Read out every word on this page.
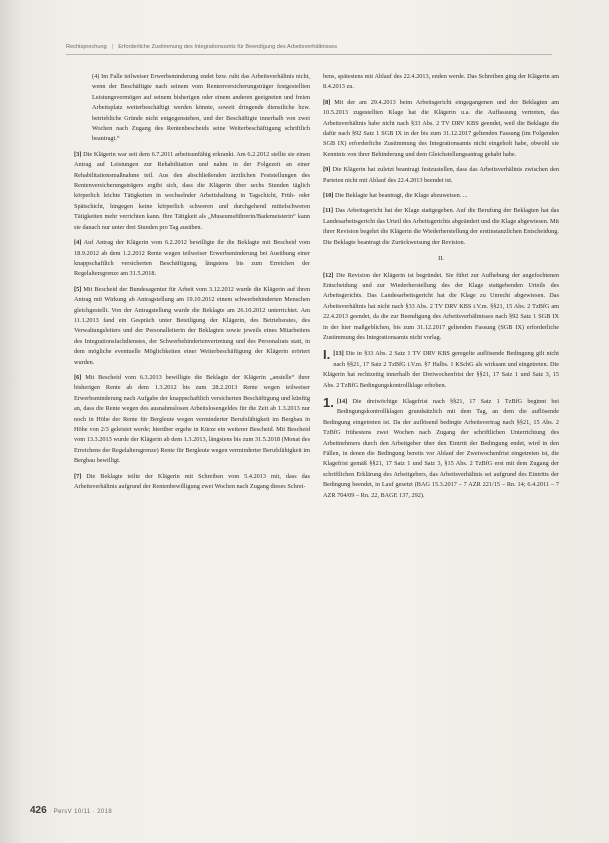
Rechtsprechung | Erforderliche Zustimmung des Integrationsamts für Beendigung des Arbeitsverhältnisses

(4) Im Falle teilweiser Erwerbsminderung endet bzw. ruht das Arbeitsverhältnis nicht, wenn der Beschäftigte nach seinem vom Rentenversicherungsträger festgestellten Leistungsvermögen auf seinem bisherigen oder einem anderen geeigneten und freien Arbeitsplatz weiterbeschäftigt werden könnte, soweit dringende dienstliche bzw. betriebliche Gründe nicht entgegenstehen, und der Beschäftigte innerhalb von zwei Wochen nach Zugang des Rentenbescheids seine Weiterbeschäftigung schriftlich beantragt.“

[3] Die Klägerin war seit dem 6.7.2011 arbeitsunfähig erkrankt. Am 6.2.2012 stellte sie einen Antrag auf Leistungen zur Rehabilitation und nahm in der Folgezeit an einer Rehabilitationsmaßnahme teil. Aus den abschließenden ärztlichen Feststellungen des Rentenversicherungsträgers ergibt sich, dass die Klägerin über sechs Stunden täglich körperlich leichte Tätigkeiten in wechselnder Arbeitshaltung in Tagschicht, Früh- oder Spätschicht, hingegen keine körperlich schweren und durchgehend mittelschweren Tätigkeiten mehr verrichten kann. Ihre Tätigkeit als „Museumsführerin/Bademeisterin“ kann sie danach nur unter drei Stunden pro Tag ausüben.

[4] Auf Antrag der Klägerin vom 6.2.2012 bewilligte ihr die Beklagte mit Bescheid vom 18.9.2012 ab dem 1.2.2012 Rente wegen teilweiser Erwerbsminderung bei Ausübung einer knappschaftlich versicherten Beschäftigung, längstens bis zum Erreichen der Regelaltersgrenze am 31.5.2018.

[5] Mit Bescheid der Bundesagentur für Arbeit vom 3.12.2012 wurde die Klägerin auf ihren Antrag mit Wirkung ab Antragstellung am 19.10.2012 einem schwerbehinderten Menschen gleichgestellt. Von der Antragstellung wurde die Beklagte am 26.10.2012 unterrichtet. Am 11.1.2013 fand ein Gespräch unter Beteiligung der Klägerin, des Betriebsrates, des Verwaltungsleiters und der Personalleiterin der Beklagten sowie jeweils eines Mitarbeiters des Integrationsfachdienstes, der Schwerbehindertenvertretung und des Personalrats statt, in dem mögliche eventuelle Möglichkeiten einer Weiterbeschäftigung der Klägerin erörtert wurden.

[6] Mit Bescheid vom 6.3.2013 bewilligte die Beklagte der Klägerin „anstelle“ ihrer bisherigen Rente ab dem 1.3.2012 bis zum 28.2.2013 Rente wegen teilweiser Erwerbsminderung nach Aufgabe der knappschaftlich versicherten Beschäftigung und künftig an, dass die Rente wegen des ausnahmslosen Arbeitslosengeldes für die Zeit ab 1.3.2013 nur noch in Höhe der Rente für Bergleute wegen verminderter Berufsfähigkeit im Bergbau in Höhe von 2/3 geleistet werde; hierüber ergehe in Kürze ein weiterer Bescheid. Mit Bescheid vom 13.3.2013 wurde der Klägerin ab dem 1.3.2013, längstens bis zum 31.5.2018 (Monat des Erreichens der Regelaltersgrenze) Rente für Bergleute wegen verminderter Berufsfähigkeit im Bergbau bewilligt.

[7] Die Beklagte teilte der Klägerin mit Schreiben vom 5.4.2013 mit, dass das Arbeitsverhältnis aufgrund der Rentenbewilligung zwei Wochen nach Zugang dieses Schrei-

bens, spätestens mit Ablauf des 22.4.2013, enden werde. Das Schreiben ging der Klägerin am 8.4.2013 zu.

[8] Mit der am 29.4.2013 beim Arbeitsgericht eingegangenen und der Beklagten am 10.5.2013 zugestellten Klage hat die Klägerin u.a. die Auffassung vertreten, das Arbeitsverhältnis habe nicht nach §33 Abs. 2 TV DRV KBS geendet, weil die Beklagte die dafür nach §92 Satz 1 SGB IX in der bis zum 31.12.2017 geltenden Fassung (im Folgenden SGB IX) erforderliche Zustimmung des Integrationsamts nicht eingeholt habe, obwohl sie Kenntnis von ihrer Behinderung und dem Gleichstellungsantrag gehabt habe.

[9] Die Klägerin hat zuletzt beantragt festzustellen, dass das Arbeitsverhältnis zwischen den Parteien nicht mit Ablauf des 22.4.2013 beendet ist.

[10] Die Beklagte hat beantragt, die Klage abzuweisen. ...

[11] Das Arbeitsgericht hat der Klage stattgegeben. Auf die Berufung der Beklagten hat das Landesarbeitsgericht das Urteil des Arbeitsgerichts abgeändert und die Klage abgewiesen. Mit ihrer Revision begehrt die Klägerin die Wiederherstellung der erstinstanzlichen Entscheidung. Die Beklagte beantragt die Zurückweisung der Revision.

II.

[12] Die Revision der Klägerin ist begründet. Sie führt zur Aufhebung der angefochtenen Entscheidung und zur Wiederherstellung des der Klage stattgebenden Urteils des Arbeitsgerichts. Das Landesarbeitsgericht hat die Klage zu Unrecht abgewiesen. Das Arbeitsverhältnis hat nicht nach §33 Abs. 2 TV DRV KBS i.V.m. §§21, 15 Abs. 2 TzBfG am 22.4.2013 geendet, da die zur Beendigung des Arbeitsverhältnisses nach §92 Satz 1 SGB IX in der hier maßgeblichen, bis zum 31.12.2017 geltenden Fassung (SGB IX) erforderliche Zustimmung des Integrationsamts nicht vorlag.

I. [13] Die in §33 Abs. 2 Satz 1 TV DRV KBS geregelte auflösende Bedingung gilt nicht nach §§21, 17 Satz 2 TzBfG i.V.m. §7 Halbs. 1 KSchG als wirksam und eingetreten. Die Klägerin hat rechtzeitig innerhalb der Dreiwochenfrist der §§21, 17 Satz 1 und Satz 3, 15 Abs. 2 TzBfG Bedingungskontrollklage erhoben.

1. [14] Die dreiwöchige Klagefrist nach §§21, 17 Satz 1 TzBfG beginnt bei Bedingungskontrollklagen grundsätzlich mit dem Tag, an dem die auflösende Bedingung eingetreten ist. Da der auflösend bedingte Arbeitsvertrag nach §§21, 15 Abs. 2 TzBfG frühestens zwei Wochen nach Zugang der schriftlichen Unterrichtung des Arbeitnehmers durch den Arbeitgeber über den Eintritt der Bedingung endet, wird in den Fällen, in denen die Bedingung bereits vor Ablauf der Zweiwochenfrist eingetreten ist, die Klagefrist gemäß §§21, 17 Satz 1 und Satz 3, §15 Abs. 2 TzBfG erst mit dem Zugang der schriftlichen Erklärung des Arbeitgebers, das Arbeitsverhältnis sei aufgrund des Eintritts der Bedingung beendet, in Lauf gesetzt (BAG 15.3.2017 – 7 AZR 221/15 – Rn. 14; 6.4.2011 – 7 AZR 704/09 – Rn. 22, BAGE 137, 292).

426 PersV 10/11 · 2018
